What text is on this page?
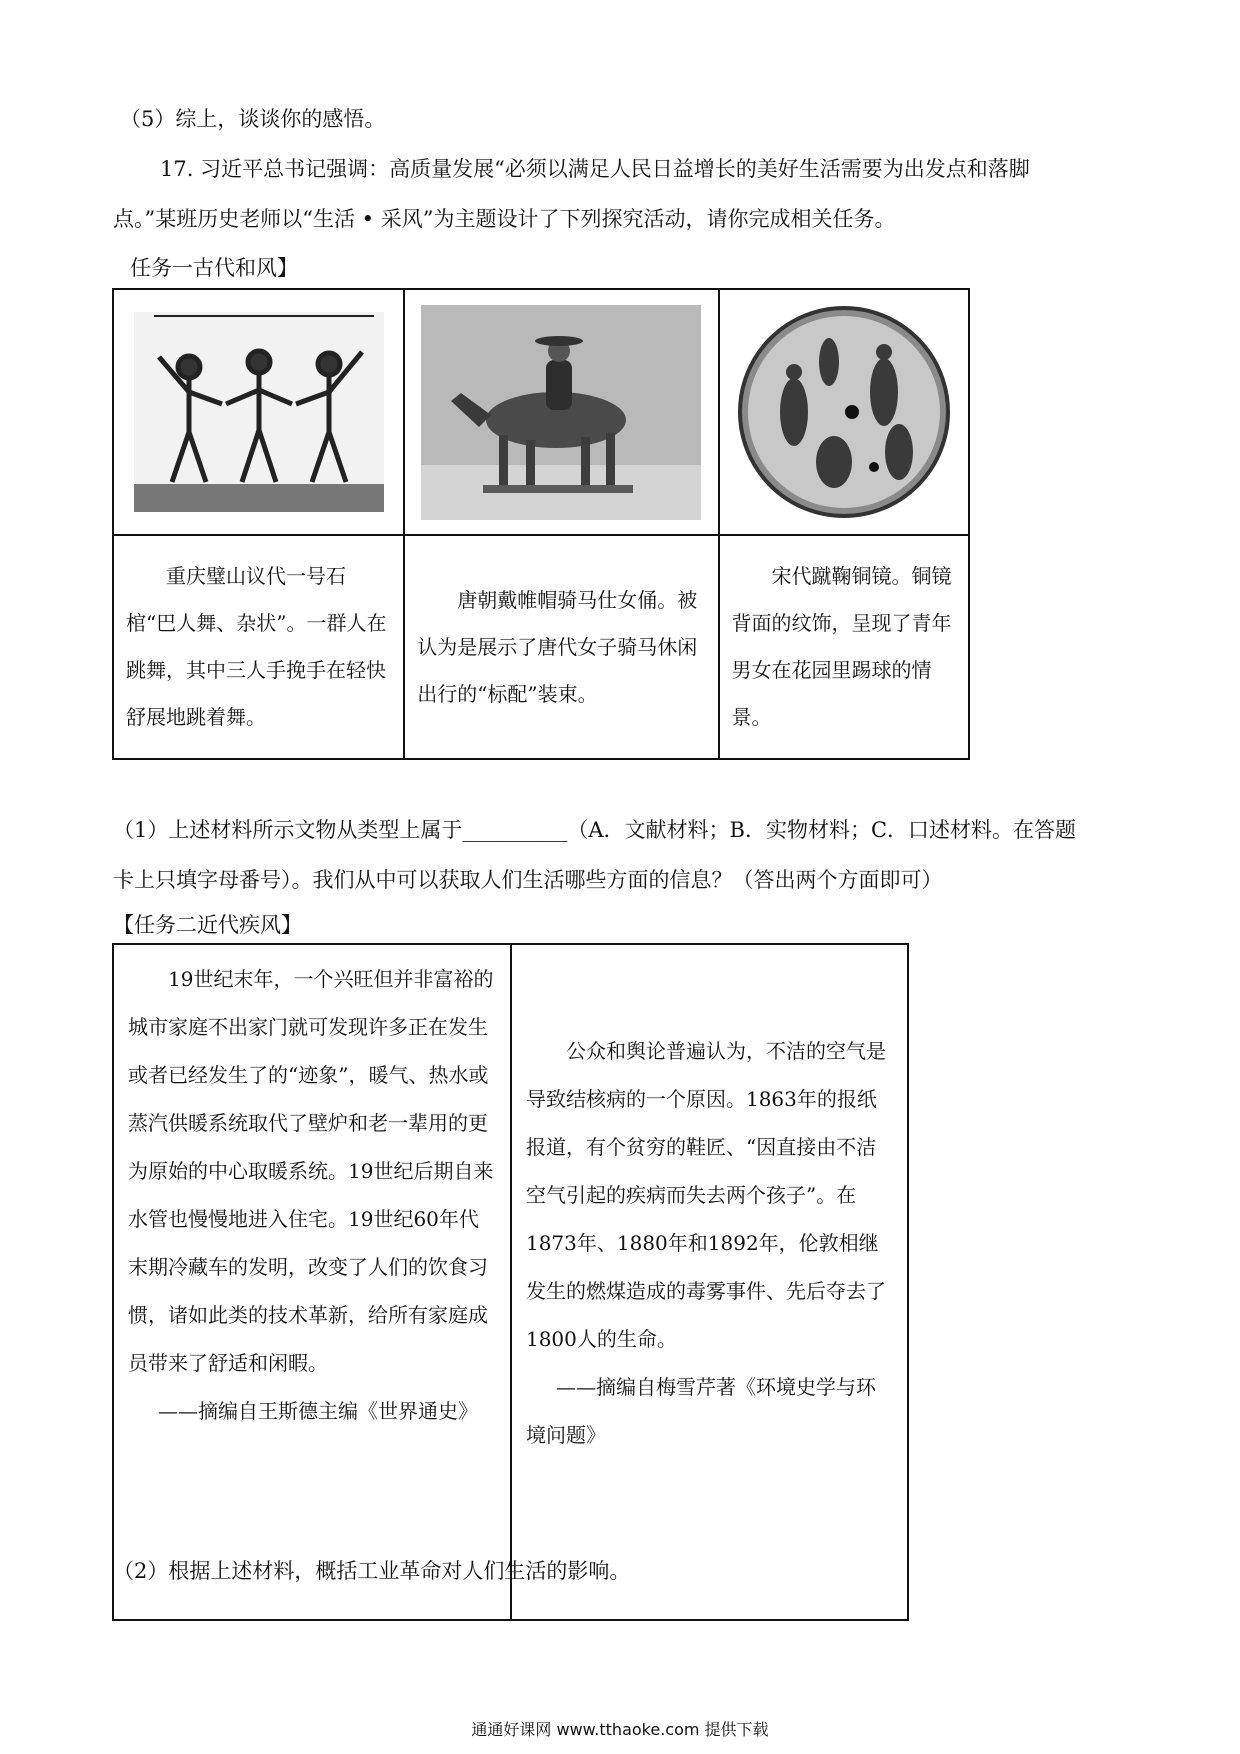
（5）综上，谈谈你的感悟。
17. 习近平总书记强调：高质量发展“必须以满足人民日益增长的美好生活需要为出发点和落脚
点。”某班历史老师以“生活 • 采风”为主题设计了下列探究活动，请你完成相关任务。
任务一古代和风】

重庆璧山议代一号石棺“巴人舞、杂状”。一群人在跳舞，其中三人手挽手在轻快舒展地跳着舞。	唐朝戴帷帽骑马仕女俑。被认为是展示了唐代女子骑马休闲出行的“标配”装束。	宋代蹴鞠铜镜。铜镜背面的纹饰，呈现了青年男女在花园里踢球的情景。
（1）上述材料所示文物从类型上属于__________（A．文献材料；B．实物材料；C．口述材料。在答题
卡上只填字母番号）。我们从中可以获取人们生活哪些方面的信息？（答出两个方面即可）
【任务二近代疾风】
19世纪末年，一个兴旺但并非富裕的城市家庭不出家门就可发现许多正在发生或者已经发生了的“迹象”，暖气、热水或蒸汽供暖系统取代了壁炉和老一辈用的更为原始的中心取暖系统。19世纪后期自来水管也慢慢地进入住宅。19世纪60年代末期冷藏车的发明，改变了人们的饮食习惯，诸如此类的技术革新，给所有家庭成员带来了舒适和闲暇。
——摘编自王斯德主编《世界通史》

公众和舆论普遍认为，不洁的空气是导致结核病的一个原因。1863年的报纸报道，有个贫穷的鞋匠、“因直接由不洁空气引起的疾病而失去两个孩子”。在1873年、1880年和1892年，伦敦相继发生的燃煤造成的毒雾事件、先后夺去了1800人的生命。
——摘编自梅雪芹著《环境史学与环境问题》
（2）根据上述材料，概括工业革命对人们生活的影响。
通通好课网 www.tthaoke.com 提供下载
